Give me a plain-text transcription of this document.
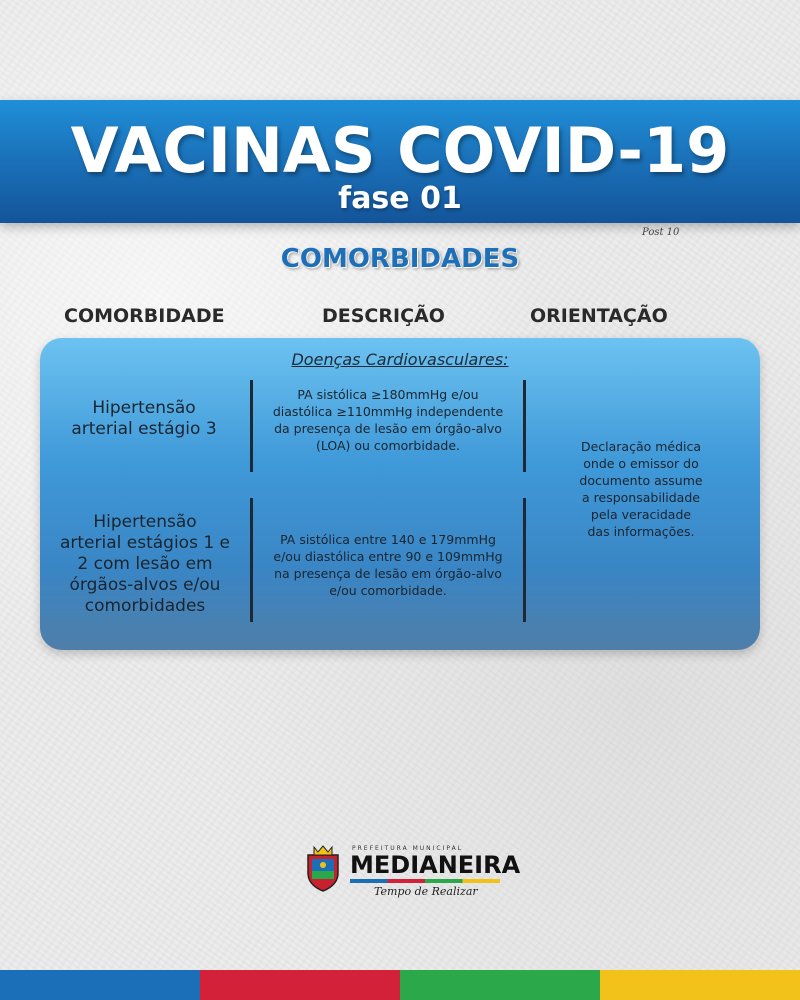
VACINAS COVID-19
fase 01
Post 10
COMORBIDADES
COMORBIDADE	DESCRIÇÃO	ORIENTAÇÃO
Doenças Cardiovasculares:
Hipertensão
arterial estágio 3
PA sistólica ≥180mmHg e/ou
diastólica ≥110mmHg independente
da presença de lesão em órgão-alvo
(LOA) ou comorbidade.
Hipertensão
arterial estágios 1 e
2 com lesão em
órgãos-alvos e/ou
comorbidades
PA sistólica entre 140 e 179mmHg
e/ou diastólica entre 90 e 109mmHg
na presença de lesão em órgão-alvo
e/ou comorbidade.
Declaração médica
onde o emissor do
documento assume
a responsabilidade
pela veracidade
das informações.
PREFEITURA MUNICIPAL
MEDIANEIRA
Tempo de Realizar
